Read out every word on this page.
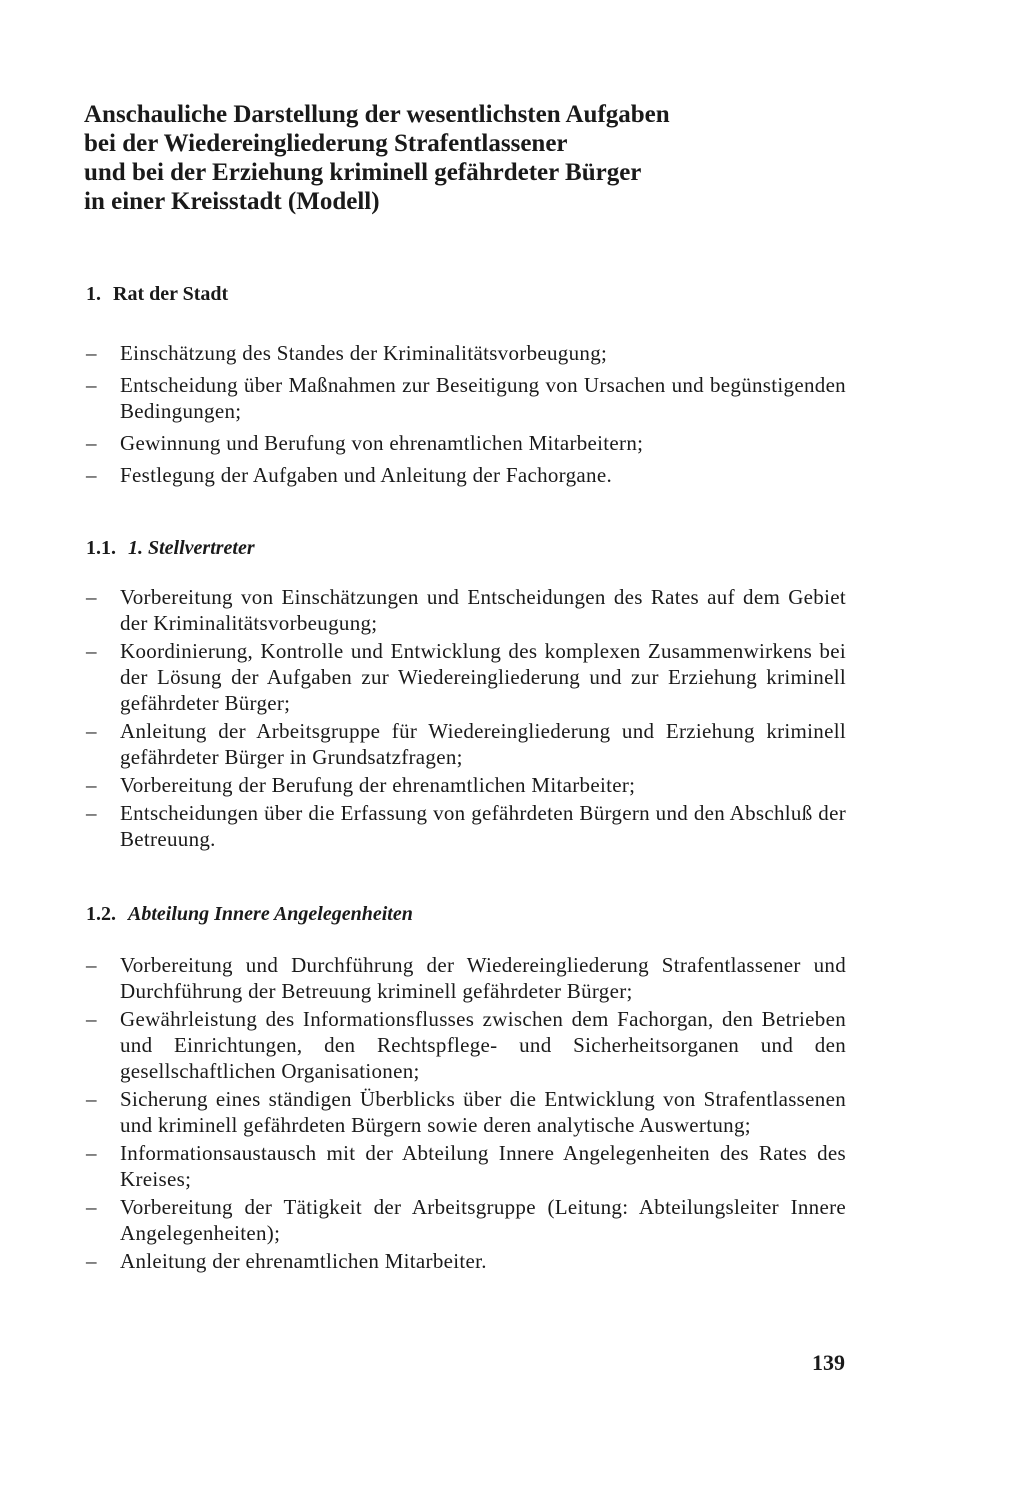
Anschauliche Darstellung der wesentlichsten Aufgaben
bei der Wiedereingliederung Strafentlassener
und bei der Erziehung kriminell gefährdeter Bürger
in einer Kreisstadt (Modell)
1. Rat der Stadt
– Einschätzung des Standes der Kriminalitätsvorbeugung;
– Entscheidung über Maßnahmen zur Beseitigung von Ursachen und begünstigenden Bedingungen;
– Gewinnung und Berufung von ehrenamtlichen Mitarbeitern;
– Festlegung der Aufgaben und Anleitung der Fachorgane.
1.1. 1. Stellvertreter
– Vorbereitung von Einschätzungen und Entscheidungen des Rates auf dem Gebiet der Kriminalitätsvorbeugung;
– Koordinierung, Kontrolle und Entwicklung des komplexen Zusammenwirkens bei der Lösung der Aufgaben zur Wiedereingliederung und zur Erziehung kriminell gefährdeter Bürger;
– Anleitung der Arbeitsgruppe für Wiedereingliederung und Erziehung kriminell gefährdeter Bürger in Grundsatzfragen;
– Vorbereitung der Berufung der ehrenamtlichen Mitarbeiter;
– Entscheidungen über die Erfassung von gefährdeten Bürgern und den Abschluß der Betreuung.
1.2. Abteilung Innere Angelegenheiten
– Vorbereitung und Durchführung der Wiedereingliederung Strafentlassener und Durchführung der Betreuung kriminell gefährdeter Bürger;
– Gewährleistung des Informationsflusses zwischen dem Fachorgan, den Betrieben und Einrichtungen, den Rechtspflege- und Sicherheitsorganen und den gesellschaftlichen Organisationen;
– Sicherung eines ständigen Überblicks über die Entwicklung von Strafentlassenen und kriminell gefährdeten Bürgern sowie deren analytische Auswertung;
– Informationsaustausch mit der Abteilung Innere Angelegenheiten des Rates des Kreises;
– Vorbereitung der Tätigkeit der Arbeitsgruppe (Leitung: Abteilungsleiter Innere Angelegenheiten);
– Anleitung der ehrenamtlichen Mitarbeiter.
139
